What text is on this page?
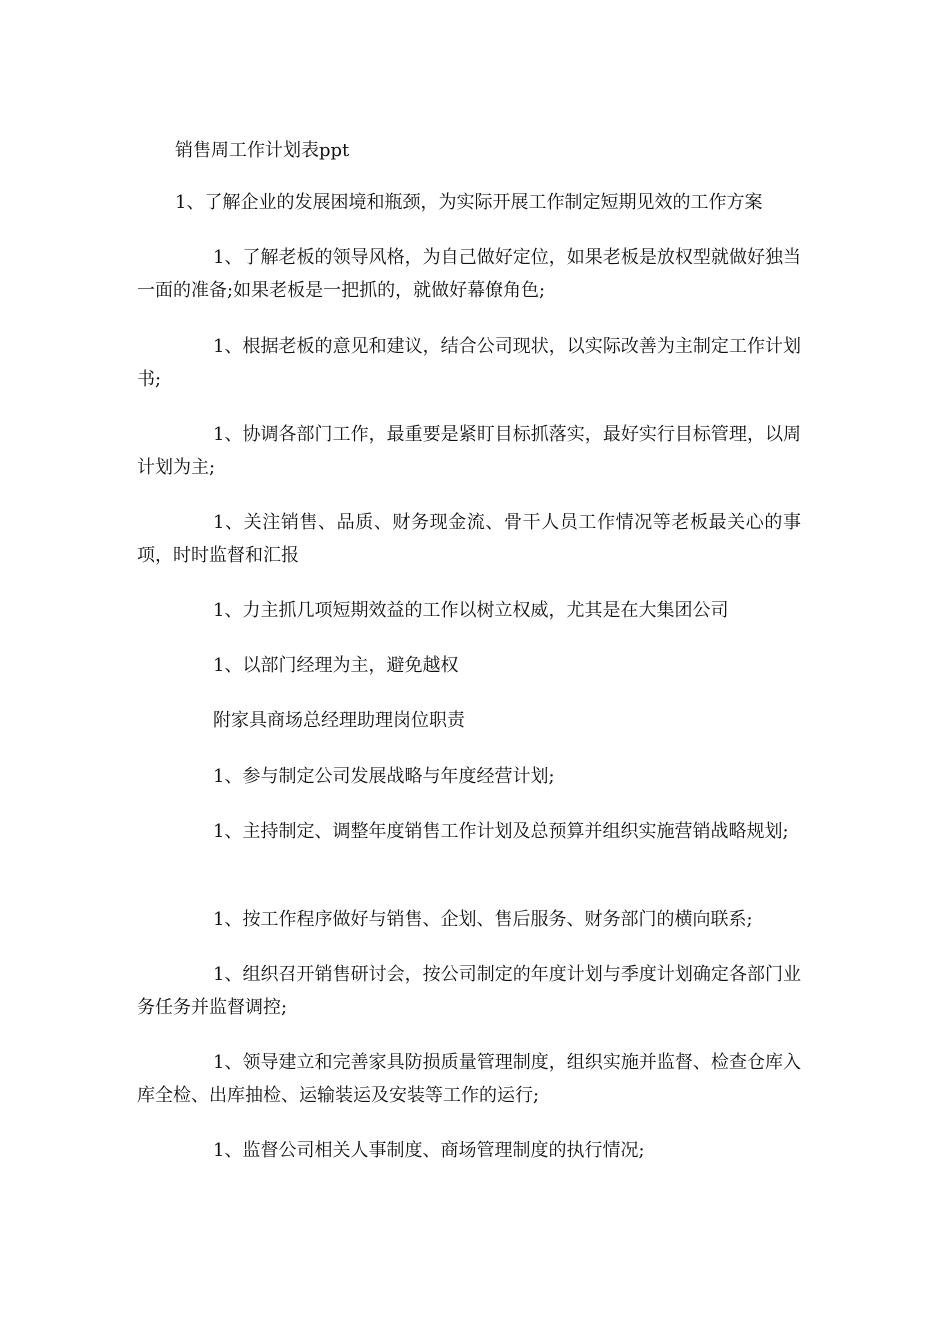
销售周工作计划表ppt
1、了解企业的发展困境和瓶颈，为实际开展工作制定短期见效的工作方案
1、了解老板的领导风格，为自己做好定位，如果老板是放权型就做好独当一面的准备;如果老板是一把抓的，就做好幕僚角色;
1、根据老板的意见和建议，结合公司现状，以实际改善为主制定工作计划书;
1、协调各部门工作，最重要是紧盯目标抓落实，最好实行目标管理，以周计划为主;
1、关注销售、品质、财务现金流、骨干人员工作情况等老板最关心的事项，时时监督和汇报
1、力主抓几项短期效益的工作以树立权威，尤其是在大集团公司
1、以部门经理为主，避免越权
附家具商场总经理助理岗位职责
1、参与制定公司发展战略与年度经营计划;
1、主持制定、调整年度销售工作计划及总预算并组织实施营销战略规划;
1、按工作程序做好与销售、企划、售后服务、财务部门的横向联系;
1、组织召开销售研讨会，按公司制定的年度计划与季度计划确定各部门业务任务并监督调控;
1、领导建立和完善家具防损质量管理制度，组织实施并监督、检查仓库入库全检、出库抽检、运输装运及安装等工作的运行;
1、监督公司相关人事制度、商场管理制度的执行情况;
